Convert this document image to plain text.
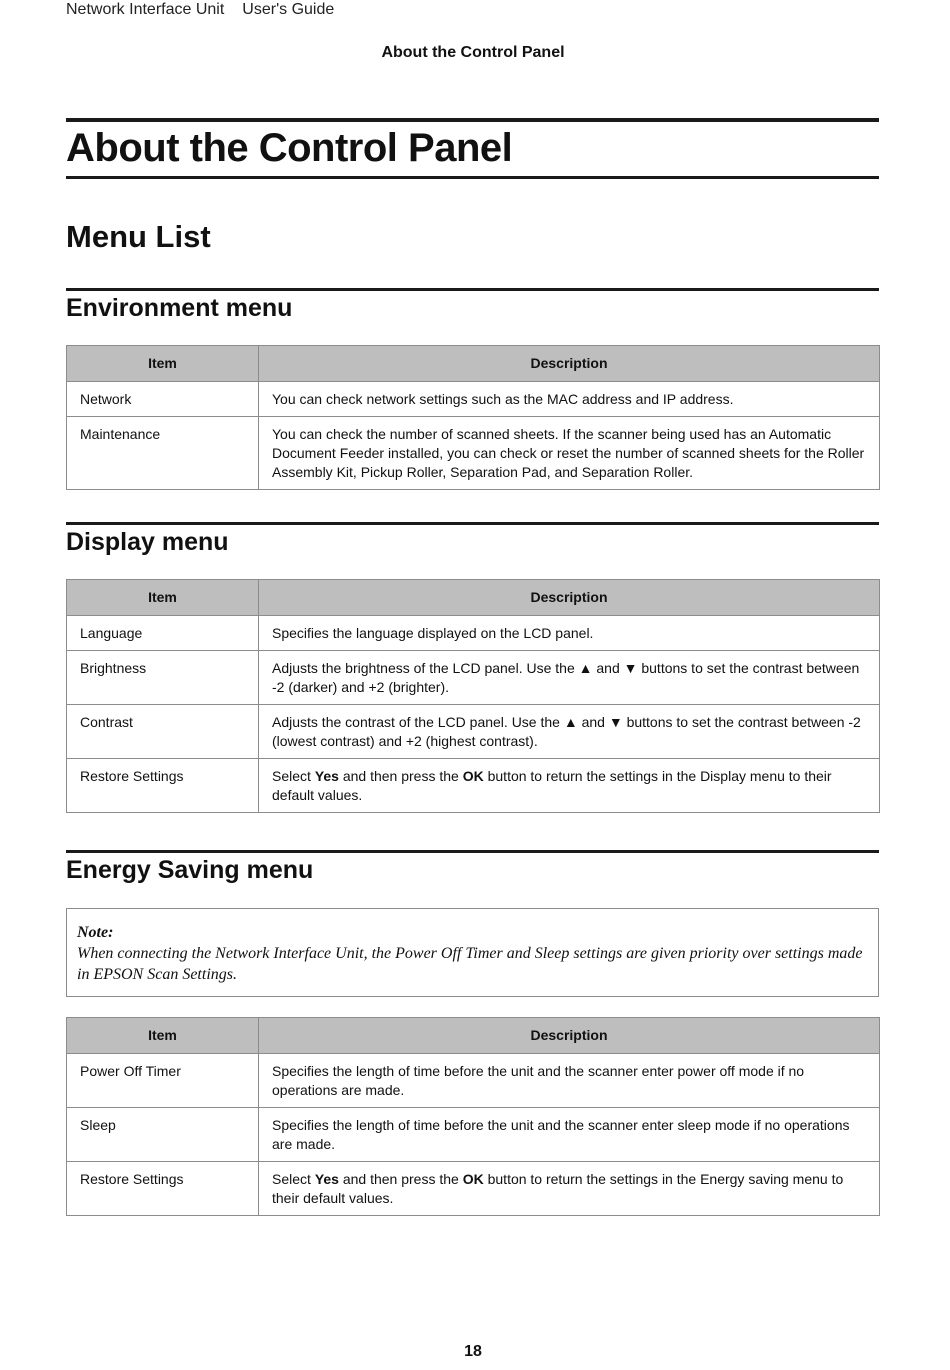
Network Interface Unit User's Guide
About the Control Panel
About the Control Panel
Menu List
Environment menu
Item	Description
Network	You can check network settings such as the MAC address and IP address.
Maintenance	You can check the number of scanned sheets. If the scanner being used has an Automatic Document Feeder installed, you can check or reset the number of scanned sheets for the Roller Assembly Kit, Pickup Roller, Separation Pad, and Separation Roller.
Display menu
Item	Description
Language	Specifies the language displayed on the LCD panel.
Brightness	Adjusts the brightness of the LCD panel. Use the ▲ and ▼ buttons to set the contrast between -2 (darker) and +2 (brighter).
Contrast	Adjusts the contrast of the LCD panel. Use the ▲ and ▼ buttons to set the contrast between -2 (lowest contrast) and +2 (highest contrast).
Restore Settings	Select Yes and then press the OK button to return the settings in the Display menu to their default values.
Energy Saving menu
Note:
When connecting the Network Interface Unit, the Power Off Timer and Sleep settings are given priority over settings made in EPSON Scan Settings.
Item	Description
Power Off Timer	Specifies the length of time before the unit and the scanner enter power off mode if no operations are made.
Sleep	Specifies the length of time before the unit and the scanner enter sleep mode if no operations are made.
Restore Settings	Select Yes and then press the OK button to return the settings in the Energy saving menu to their default values.
18
